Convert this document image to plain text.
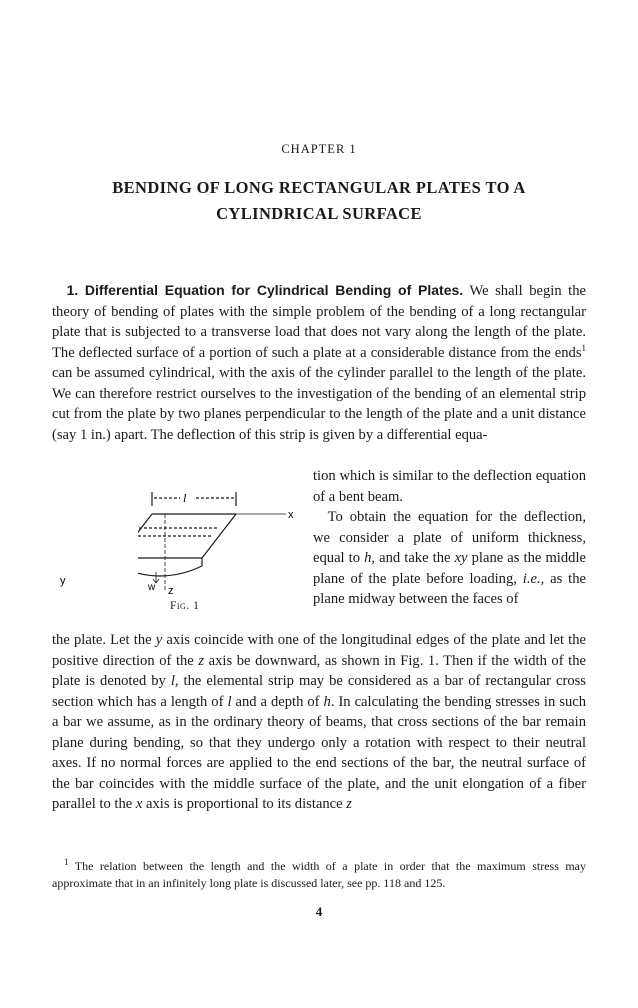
CHAPTER 1
BENDING OF LONG RECTANGULAR PLATES TO A
CYLINDRICAL SURFACE
 1. Differential Equation for Cylindrical Bending of Plates. We shall begin the theory of bending of plates with the simple problem of the bending of a long rectangular plate that is subjected to a transverse load that does not vary along the length of the plate. The deflected surface of a portion of such a plate at a considerable distance from the ends$^1$ can be assumed cylindrical, with the axis of the cylinder parallel to the length of the plate. We can therefore restrict ourselves to the investigation of the bending of an elemental strip cut from the plate by two planes perpendicular to the length of the plate and a unit distance (say 1 in.) apart. The deflection of this strip is given by a differential equa-
l
x
z
w
y
Fig. 1
tion which is similar to the deflection equation of a bent beam.
 To obtain the equation for the deflection, we consider a plate of uniform thickness, equal to h, and take the xy plane as the middle plane of the plate before loading, i.e., as the plane midway between the faces of
the plate. Let the y axis coincide with one of the longitudinal edges of the plate and let the positive direction of the z axis be downward, as shown in Fig. 1. Then if the width of the plate is denoted by l, the elemental strip may be considered as a bar of rectangular cross section which has a length of l and a depth of h. In calculating the bending stresses in such a bar we assume, as in the ordinary theory of beams, that cross sections of the bar remain plane during bending, so that they undergo only a rotation with respect to their neutral axes. If no normal forces are applied to the end sections of the bar, the neutral surface of the bar coincides with the middle surface of the plate, and the unit elongation of a fiber parallel to the x axis is proportional to its distance z
 $^1$ The relation between the length and the width of a plate in order that the maximum stress may approximate that in an infinitely long plate is discussed later, see pp. 118 and 125.
4
